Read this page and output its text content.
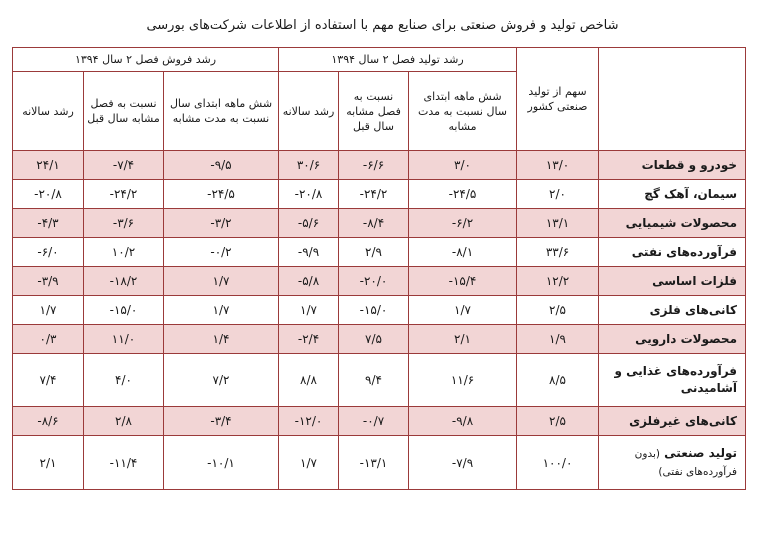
شاخص تولید و فروش صنعتی برای صنایع مهم با استفاده از اطلاعات شرکت‌های بورسی
	سهم از تولید صنعتی کشور	رشد تولید فصل ۲ سال ۱۳۹۴			رشد فروش فصل ۲ سال ۱۳۹۴		
		شش ماهه ابتدای سال نسبت به مدت مشابه	نسبت به فصل مشابه سال قبل	رشد سالانه	شش ماهه ابتدای سال نسبت به مدت مشابه	نسبت به فصل مشابه سال قبل	رشد سالانه
خودرو و قطعات	۱۳/۰	۳/۰	-۶/۶	۳۰/۶	-۹/۵	-۷/۴	۲۴/۱
سیمان، آهک گچ	۲/۰	-۲۴/۵	-۲۴/۲	-۲۰/۸	-۲۴/۵	-۲۴/۲	-۲۰/۸
محصولات شیمیایی	۱۳/۱	-۶/۲	-۸/۴	-۵/۶	-۳/۲	-۳/۶	-۴/۳
فرآورده‌های نفتی	۳۳/۶	-۸/۱	۲/۹	-۹/۹	-۰/۲	۱۰/۲	-۶/۰
فلزات اساسی	۱۲/۲	-۱۵/۴	-۲۰/۰	-۵/۸	۱/۷	-۱۸/۲	-۳/۹
کانی‌های فلزی	۲/۵	۱/۷	-۱۵/۰	۱/۷	۱/۷	-۱۵/۰	۱/۷
محصولات دارویی	۱/۹	۲/۱	۷/۵	-۲/۴	۱/۴	۱۱/۰	۰/۳
فرآورده‌های غذایی و آشامیدنی	۸/۵	۱۱/۶	۹/۴	۸/۸	۷/۲	۴/۰	۷/۴
کانی‌های غیرفلزی	۲/۵	-۹/۸	-۰/۷	-۱۲/۰	-۳/۴	۲/۸	-۸/۶
تولید صنعتی (بدون فرآورده‌های نفتی)	۱۰۰/۰	-۷/۹	-۱۳/۱	۱/۷	-۱۰/۱	-۱۱/۴	۲/۱
